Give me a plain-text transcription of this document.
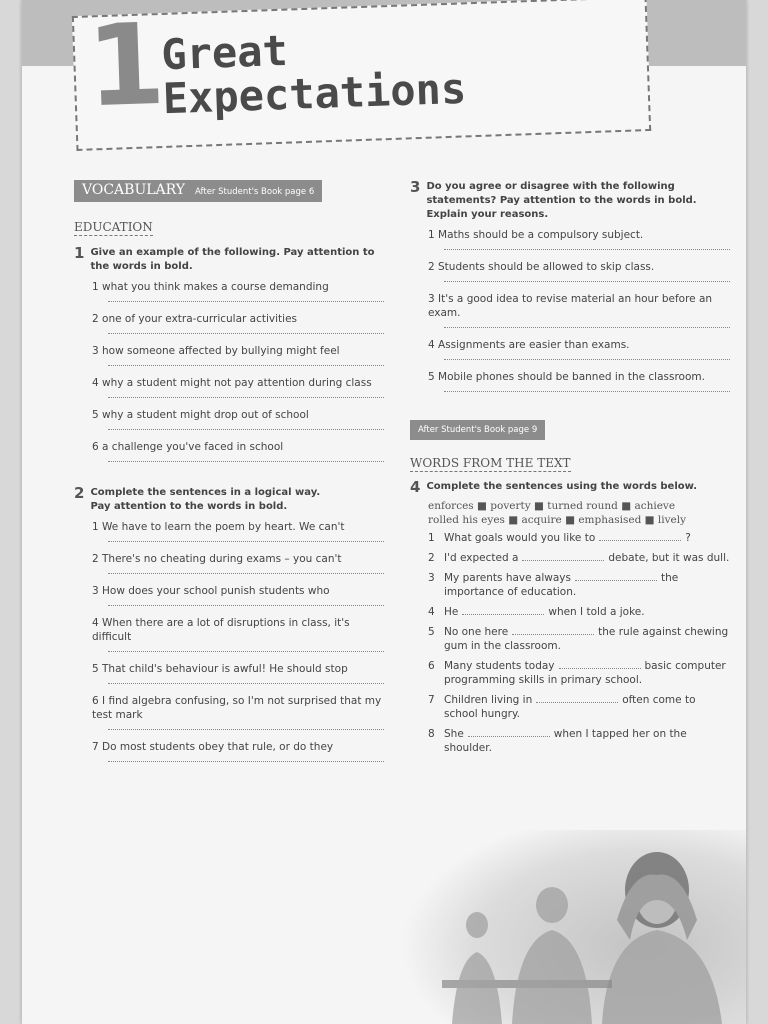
1
Great
Expectations
VOCABULARY After Student's Book page 6
EDUCATION
1 Give an example of the following. Pay attention to the words in bold.
1 what you think makes a course demanding
2 one of your extra-curricular activities
3 how someone affected by bullying might feel
4 why a student might not pay attention during class
5 why a student might drop out of school
6 a challenge you've faced in school
2 Complete the sentences in a logical way. Pay attention to the words in bold.
1 We have to learn the poem by heart. We can't
2 There's no cheating during exams – you can't
3 How does your school punish students who
4 When there are a lot of disruptions in class, it's difficult
5 That child's behaviour is awful! He should stop
6 I find algebra confusing, so I'm not surprised that my test mark
7 Do most students obey that rule, or do they
3 Do you agree or disagree with the following statements? Pay attention to the words in bold. Explain your reasons.
1 Maths should be a compulsory subject.
2 Students should be allowed to skip class.
3 It's a good idea to revise material an hour before an exam.
4 Assignments are easier than exams.
5 Mobile phones should be banned in the classroom.
After Student's Book page 9
WORDS FROM THE TEXT
4 Complete the sentences using the words below.
enforces ■ poverty ■ turned round ■ achieve
rolled his eyes ■ acquire ■ emphasised ■ lively
1 What goals would you like to	?
2 I'd expected a	debate, but it was dull.
3 My parents have always	the importance of education.
4 He	when I told a joke.
5 No one here	the rule against chewing gum in the classroom.
6 Many students today	basic computer programming skills in primary school.
7 Children living in	often come to school hungry.
8 She	when I tapped her on the shoulder.
